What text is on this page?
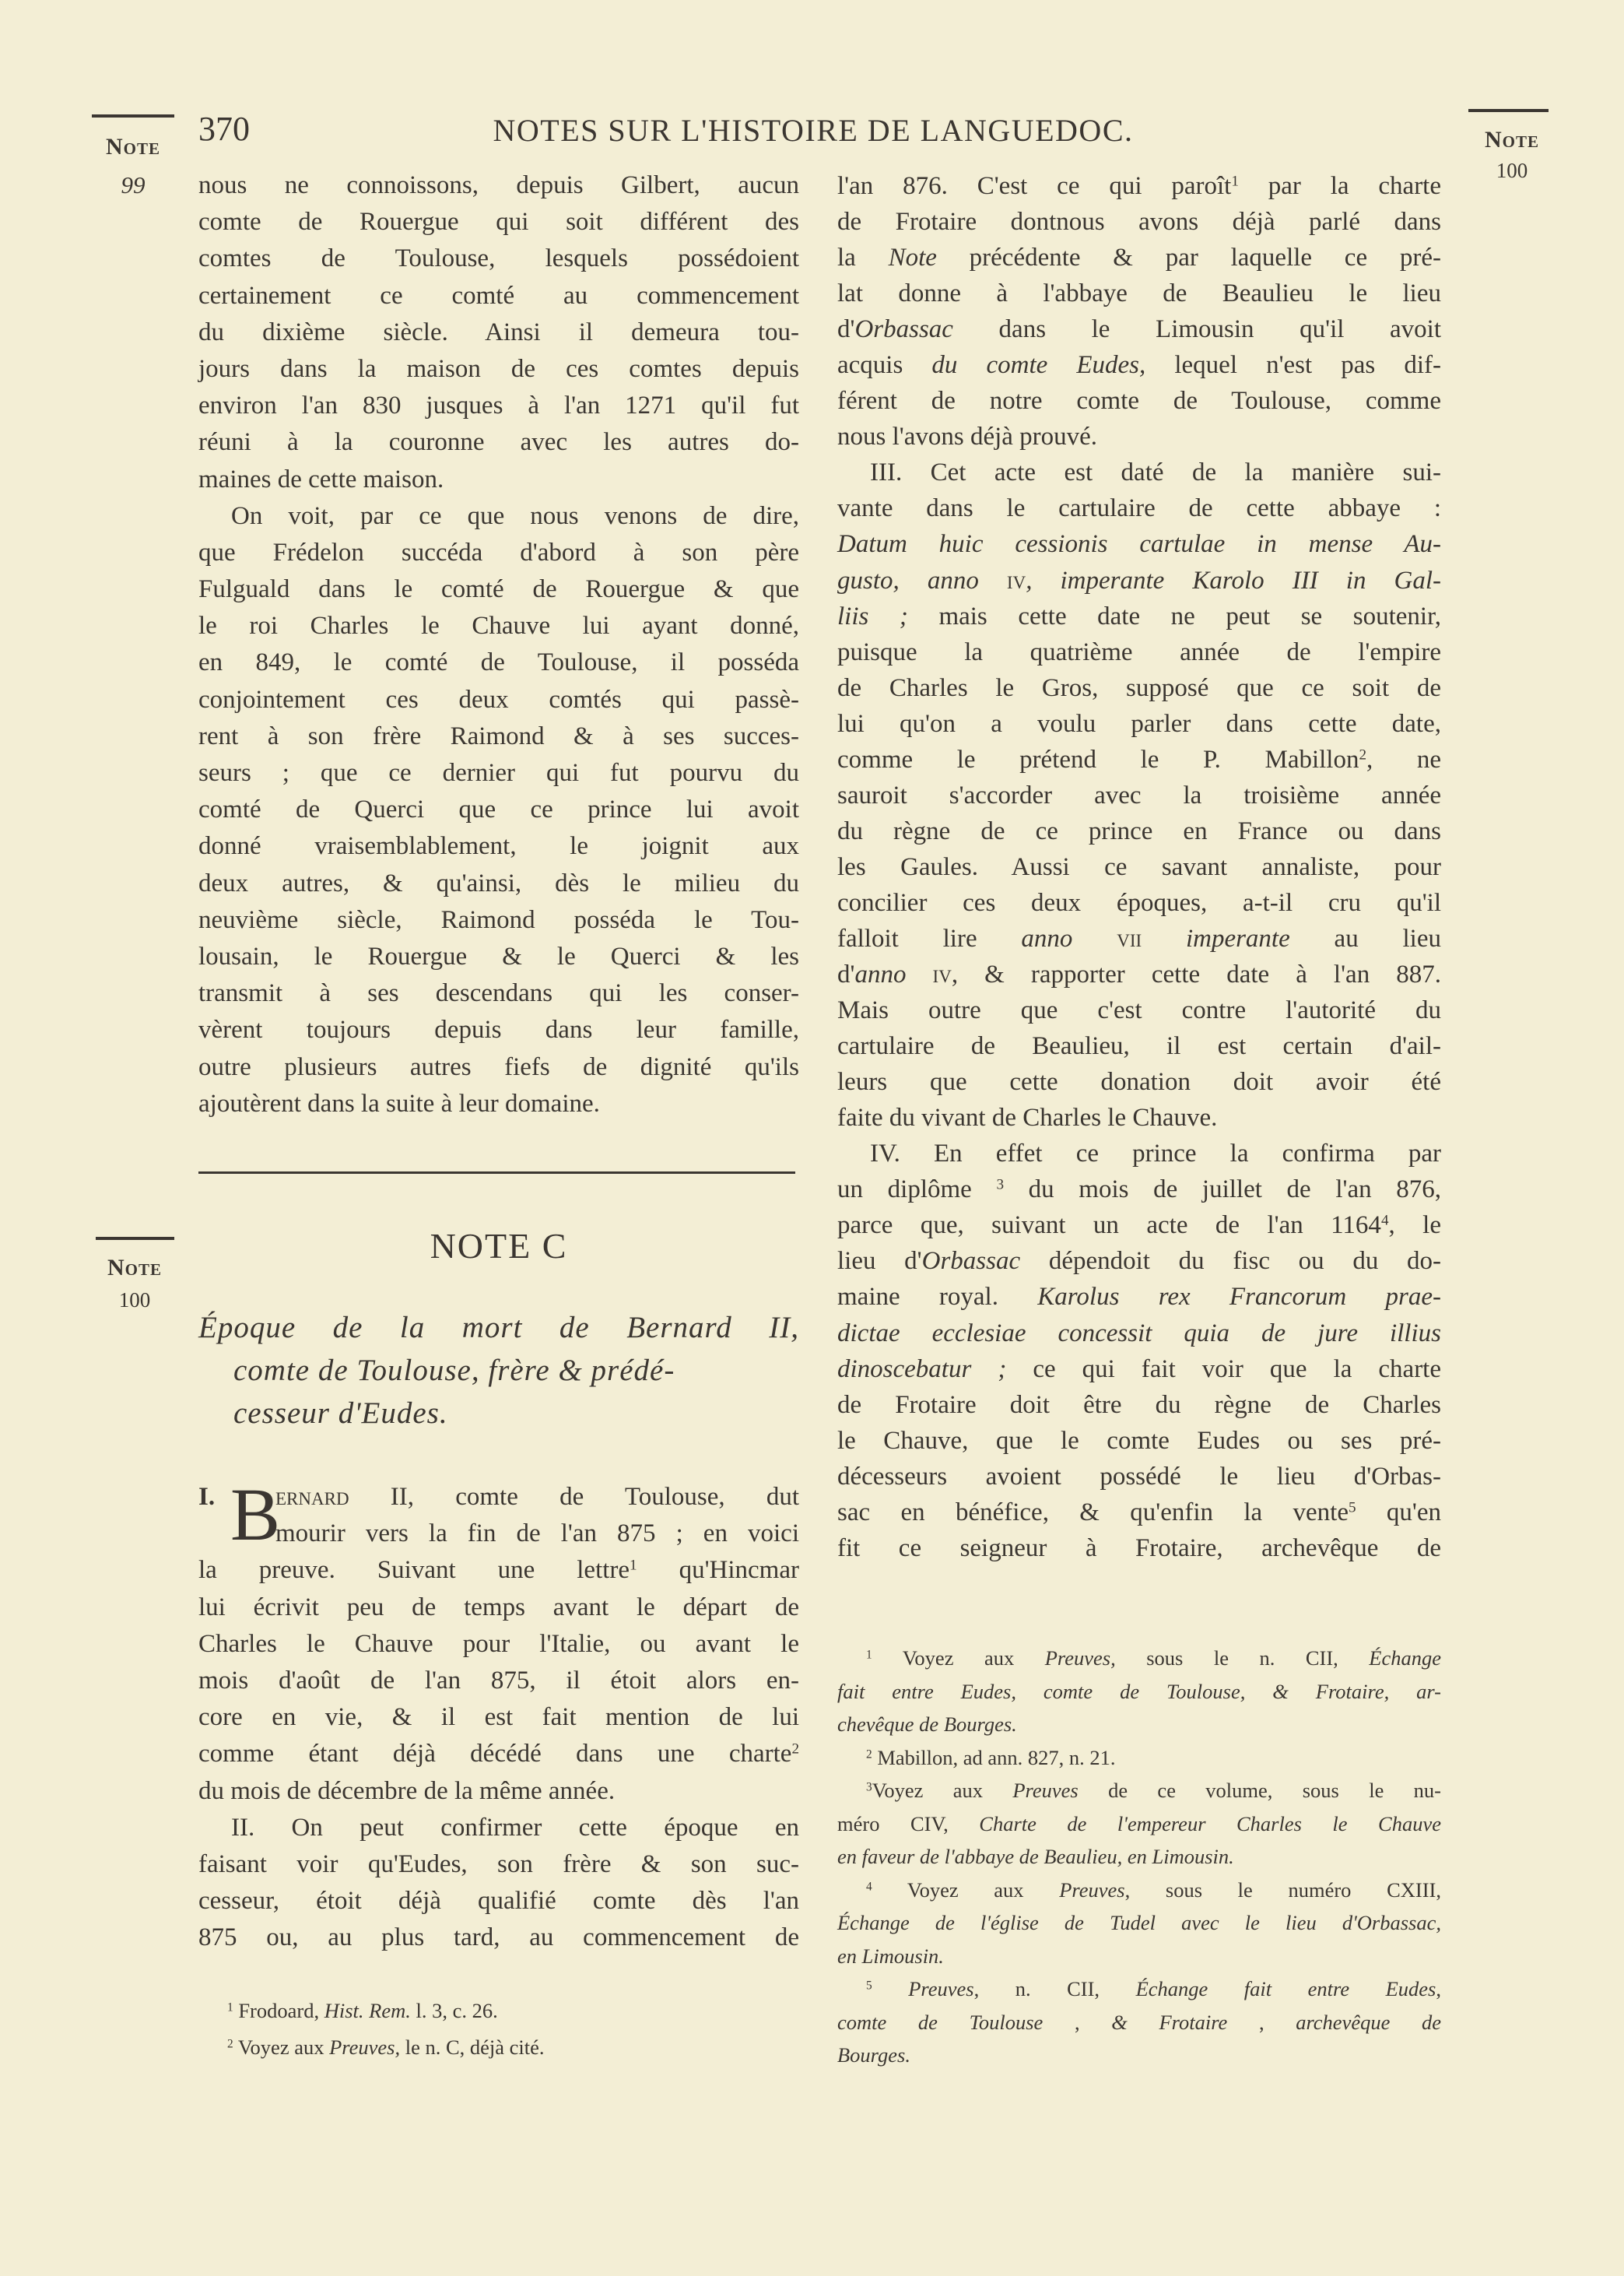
Note
99
370	NOTES SUR L'HISTOIRE DE LANGUEDOC.	Note
100
nous ne connoissons, depuis Gilbert, aucun
comte de Rouergue qui soit différent des
comtes de Toulouse, lesquels possédoient
certainement ce comté au commencement
du dixième siècle. Ainsi il demeura tou-
jours dans la maison de ces comtes depuis
environ l'an 830 jusques à l'an 1271 qu'il fut
réuni à la couronne avec les autres do-
maines de cette maison.
On voit, par ce que nous venons de dire,
que Frédelon succéda d'abord à son père
Fulguald dans le comté de Rouergue & que
le roi Charles le Chauve lui ayant donné,
en 849, le comté de Toulouse, il posséda
conjointement ces deux comtés qui passè-
rent à son frère Raimond & à ses succes-
seurs ; que ce dernier qui fut pourvu du
comté de Querci que ce prince lui avoit
donné vraisemblablement, le joignit aux
deux autres, & qu'ainsi, dès le milieu du
neuvième siècle, Raimond posséda le Tou-
lousain, le Rouergue & le Querci & les
transmit à ses descendans qui les conser-
vèrent toujours depuis dans leur famille,
outre plusieurs autres fiefs de dignité qu'ils
ajoutèrent dans la suite à leur domaine.
Note
100
NOTE C
Époque de la mort de Bernard II,
comte de Toulouse, frère & prédé-
cesseur d'Eudes.
I. B
ernard II, comte de Toulouse, dut
mourir vers la fin de l'an 875 ; en voici
la preuve. Suivant une lettre$^1$ qu'Hincmar
lui écrivit peu de temps avant le départ de
Charles le Chauve pour l'Italie, ou avant le
mois d'août de l'an 875, il étoit alors en-
core en vie, & il est fait mention de lui
comme étant déjà décédé dans une charte$^2$
du mois de décembre de la même année.
II. On peut confirmer cette époque en
faisant voir qu'Eudes, son frère & son suc-
cesseur, étoit déjà qualifié comte dès l'an
875 ou, au plus tard, au commencement de
$^1$ Frodoard, Hist. Rem. l. 3, c. 26.
$^2$ Voyez aux Preuves, le n. C, déjà cité.
l'an 876. C'est ce qui paroît$^1$ par la charte
de Frotaire dontnous avons déjà parlé dans
la Note précédente & par laquelle ce pré-
lat donne à l'abbaye de Beaulieu le lieu
d'Orbassac dans le Limousin qu'il avoit
acquis du comte Eudes, lequel n'est pas dif-
férent de notre comte de Toulouse, comme
nous l'avons déjà prouvé.
III. Cet acte est daté de la manière sui-
vante dans le cartulaire de cette abbaye :
Datum huic cessionis cartulae in mense Au-
gusto, anno iv, imperante Karolo III in Gal-
liis ; mais cette date ne peut se soutenir,
puisque la quatrième année de l'empire
de Charles le Gros, supposé que ce soit de
lui qu'on a voulu parler dans cette date,
comme le prétend le P. Mabillon$^2$, ne
sauroit s'accorder avec la troisième année
du règne de ce prince en France ou dans
les Gaules. Aussi ce savant annaliste, pour
concilier ces deux époques, a-t-il cru qu'il
falloit lire anno vii imperante au lieu
d'anno iv, & rapporter cette date à l'an 887.
Mais outre que c'est contre l'autorité du
cartulaire de Beaulieu, il est certain d'ail-
leurs que cette donation doit avoir été
faite du vivant de Charles le Chauve.
IV. En effet ce prince la confirma par
un diplôme $^3$ du mois de juillet de l'an 876,
parce que, suivant un acte de l'an 1164$^4$, le
lieu d'Orbassac dépendoit du fisc ou du do-
maine royal. Karolus rex Francorum prae-
dictae ecclesiae concessit quia de jure illius
dinoscebatur ; ce qui fait voir que la charte
de Frotaire doit être du règne de Charles
le Chauve, que le comte Eudes ou ses pré-
décesseurs avoient possédé le lieu d'Orbas-
sac en bénéfice, & qu'enfin la vente$^5$ qu'en
fit ce seigneur à Frotaire, archevêque de
$^1$ Voyez aux Preuves, sous le n. CII, Échange
fait entre Eudes, comte de Toulouse, & Frotaire, ar-
chevêque de Bourges.
$^2$ Mabillon, ad ann. 827, n. 21.
$^3$Voyez aux Preuves de ce volume, sous le nu-
méro CIV, Charte de l'empereur Charles le Chauve
en faveur de l'abbaye de Beaulieu, en Limousin.
$^4$ Voyez aux Preuves, sous le numéro CXIII,
Échange de l'église de Tudel avec le lieu d'Orbassac,
en Limousin.
$^5$ Preuves, n. CII, Échange fait entre Eudes,
comte de Toulouse , & Frotaire , archevêque de
Bourges.
